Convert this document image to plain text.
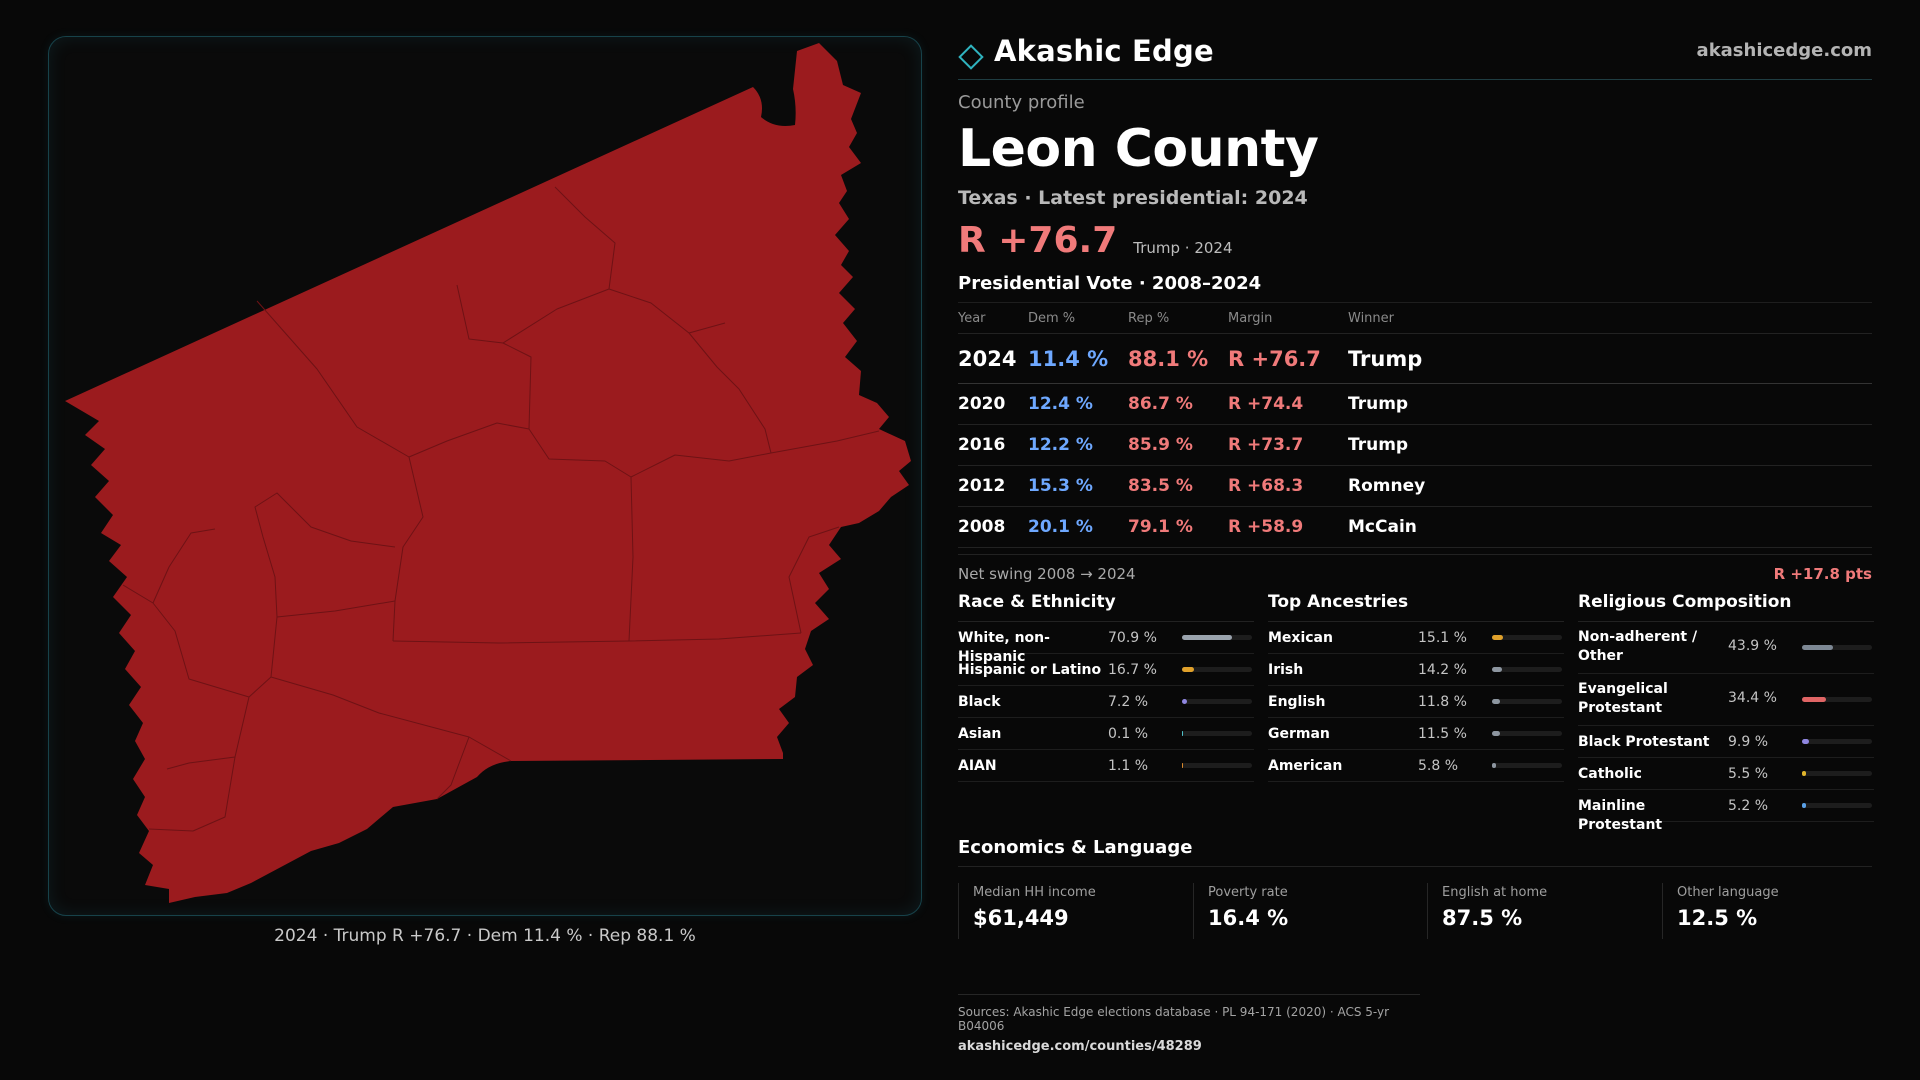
2024 · Trump R +76.7 · Dem 11.4 % · Rep 88.1 %
Akashic Edge	akashicedge.com
County profile
Leon County
Texas · Latest presidential: 2024
R +76.7 Trump · 2024
Presidential Vote · 2008–2024
Year	Dem %	Rep %	Margin	Winner
2024 11.4 % 88.1 % R +76.7 Trump
2020 12.4 % 86.7 % R +74.4	Trump
2016 12.2 % 85.9 % R +73.7	Trump
2012 15.3 % 83.5 % R +68.3	Romney
2008 20.1 % 79.1 % R +58.9	McCain
Net swing 2008 → 2024	R +17.8 pts
Race & Ethnicity
White, non-Hispanic
70.9 %
Hispanic or Latino 16.7 %
Black	7.2 %
Asian	0.1 %
AIAN	1.1 %
Top Ancestries
Mexican	15.1 %
Irish	14.2 %
English	11.8 %
German	11.5 %
American	5.8 %
Religious Composition
Non-adherent / Other
43.9 %
Evangelical Protestant
34.4 %
Black Protestant	9.9 %
Catholic	5.5 %
Mainline Protestant
5.2 %
Economics & Language
Median HH income
$61,449
Poverty rate
16.4 %
English at home
87.5 %
Other language
12.5 %
Sources: Akashic Edge elections database · PL 94-171 (2020) · ACS 5-yr B04006
akashicedge.com/counties/48289
